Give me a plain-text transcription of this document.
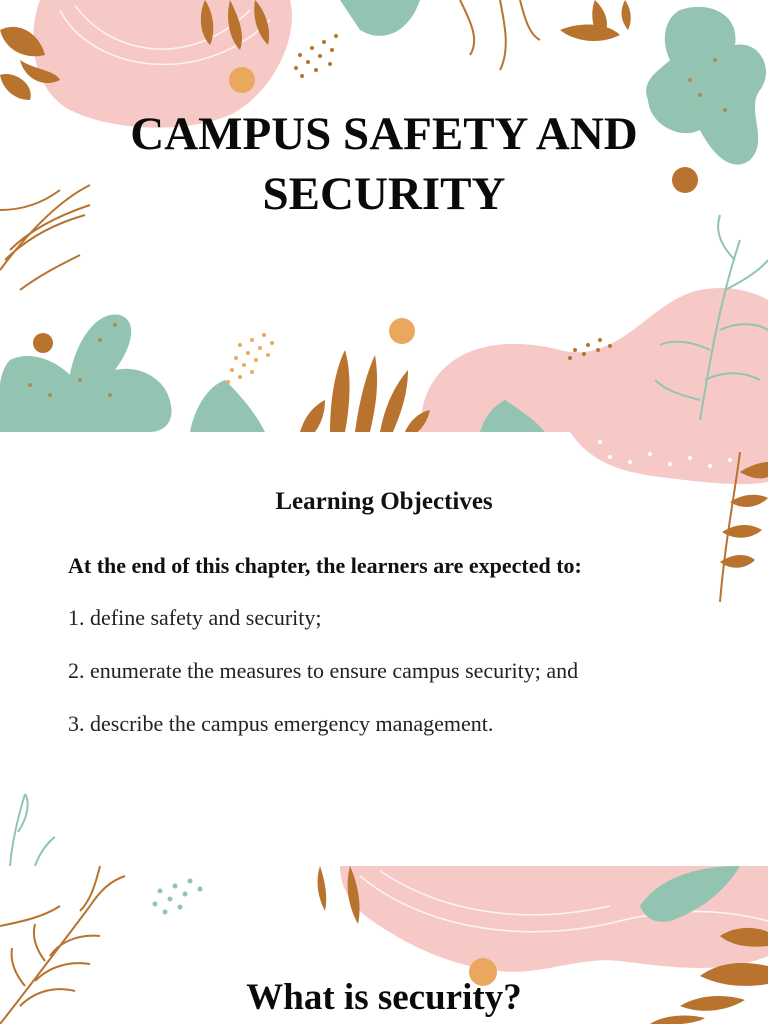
CAMPUS SAFETY AND
SECURITY
Learning Objectives

At the end of this chapter, the learners are expected to:

1. define safety and security;

2. enumerate the measures to ensure campus security; and

3. describe the campus emergency management.

What is security?
